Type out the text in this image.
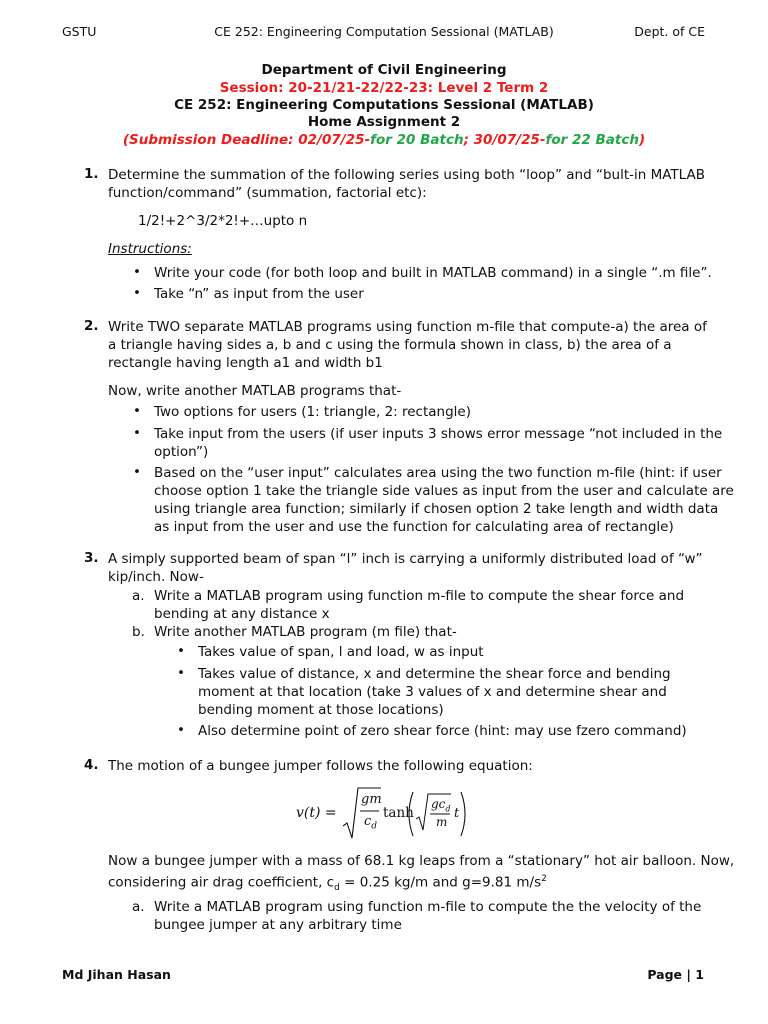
GSTU	CE 252: Engineering Computation Sessional (MATLAB)	Dept. of CE
Department of Civil Engineering
Session: 20-21/21-22/22-23: Level 2 Term 2
CE 252: Engineering Computations Sessional (MATLAB)
Home Assignment 2
(Submission Deadline: 02/07/25-for 20 Batch; 30/07/25-for 22 Batch)
1. Determine the summation of the following series using both “loop” and “bult-in MATLAB
function/command” (summation, factorial etc):
1/2!+2^3/2*2!+…upto n
Instructions:
• Write your code (for both loop and built in MATLAB command) in a single “.m file”.
• Take “n” as input from the user
2. Write TWO separate MATLAB programs using function m-file that compute-a) the area of
a triangle having sides a, b and c using the formula shown in class, b) the area of a
rectangle having length a1 and width b1
Now, write another MATLAB programs that-
• Two options for users (1: triangle, 2: rectangle)
• Take input from the users (if user inputs 3 shows error message “not included in the
option”)
• Based on the “user input” calculates area using the two function m-file (hint: if user
choose option 1 take the triangle side values as input from the user and calculate are
using triangle area function; similarly if chosen option 2 take length and width data
as input from the user and use the function for calculating area of rectangle)
3. A simply supported beam of span “l” inch is carrying a uniformly distributed load of “w”
kip/inch. Now-
a. Write a MATLAB program using function m-file to compute the shear force and
bending at any distance x
b. Write another MATLAB program (m file) that-
• Takes value of span, l and load, w as input
• Takes value of distance, x and determine the shear force and bending
moment at that location (take 3 values of x and determine shear and
bending moment at those locations)
• Also determine point of zero shear force (hint: may use fzero command)
4. The motion of a bungee jumper follows the following equation:
v(t) =
gm
$c_d$
tanh
$gc_d$
m
t
Now a bungee jumper with a mass of 68.1 kg leaps from a “stationary” hot air balloon. Now,
considering air drag coefficient, $c_d = 0.25$ kg/m and g=9.81 $m/s^2$
a. Write a MATLAB program using function m-file to compute the the velocity of the
bungee jumper at any arbitrary time
Md Jihan Hasan	Page | 1
